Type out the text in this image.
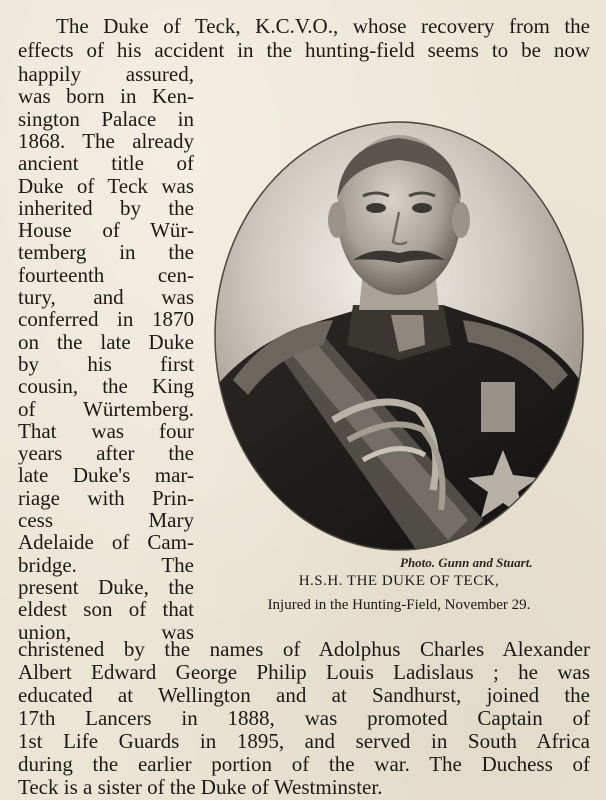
The Duke of Teck, K.C.V.O., whose recovery from the
effects of his accident in the hunting-field seems to be now
happily assured,
was born in Ken-
sington Palace in
1868. The already
ancient title of
Duke of Teck was
inherited by the
House of Wür-
temberg in the
fourteenth cen-
tury, and was
conferred in 1870
on the late Duke
by his first
cousin, the King
of Würtemberg.
That was four
years after the
late Duke's mar-
riage with Prin-
cess Mary
Adelaide of Cam-
bridge. The
present Duke, the
eldest son of that
union, was
christened by the names of Adolphus Charles Alexander
Albert Edward George Philip Louis Ladislaus ; he was
educated at Wellington and at Sandhurst, joined the
17th Lancers in 1888, was promoted Captain of
1st Life Guards in 1895, and served in South Africa
during the earlier portion of the war. The Duchess of
Photo. Gunn and Stuart.
H.S.H. THE DUKE OF TECK,
Injured in the Hunting-Field, November 29.
Teck is a sister of the Duke of Westminster.
